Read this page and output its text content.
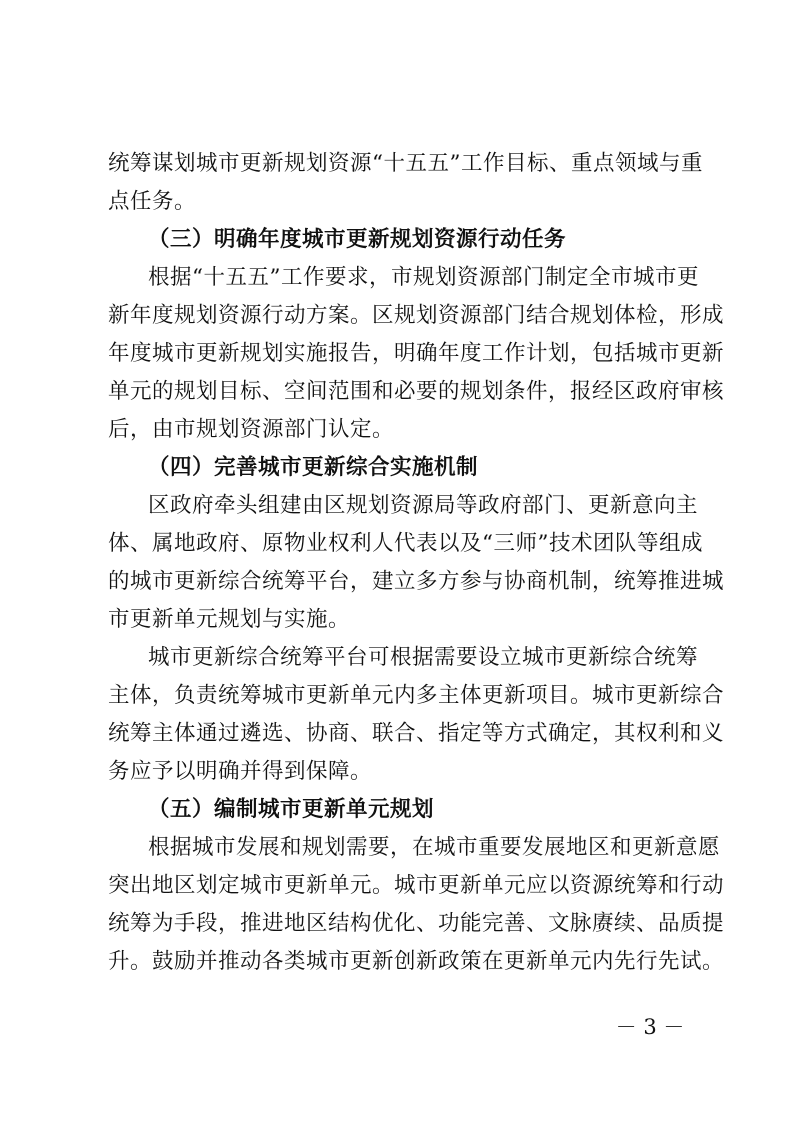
统筹谋划城市更新规划资源“十五五”工作目标、重点领域与重
点任务。
（三）明确年度城市更新规划资源行动任务
根据“十五五”工作要求，市规划资源部门制定全市城市更
新年度规划资源行动方案。区规划资源部门结合规划体检，形成
年度城市更新规划实施报告，明确年度工作计划，包括城市更新
单元的规划目标、空间范围和必要的规划条件，报经区政府审核
后，由市规划资源部门认定。
（四）完善城市更新综合实施机制
区政府牵头组建由区规划资源局等政府部门、更新意向主
体、属地政府、原物业权利人代表以及“三师”技术团队等组成
的城市更新综合统筹平台，建立多方参与协商机制，统筹推进城
市更新单元规划与实施。
城市更新综合统筹平台可根据需要设立城市更新综合统筹
主体，负责统筹城市更新单元内多主体更新项目。城市更新综合
统筹主体通过遴选、协商、联合、指定等方式确定，其权利和义
务应予以明确并得到保障。
（五）编制城市更新单元规划
根据城市发展和规划需要，在城市重要发展地区和更新意愿
突出地区划定城市更新单元。城市更新单元应以资源统筹和行动
统筹为手段，推进地区结构优化、功能完善、文脉赓续、品质提
升。鼓励并推动各类城市更新创新政策在更新单元内先行先试。
－ 3 －
